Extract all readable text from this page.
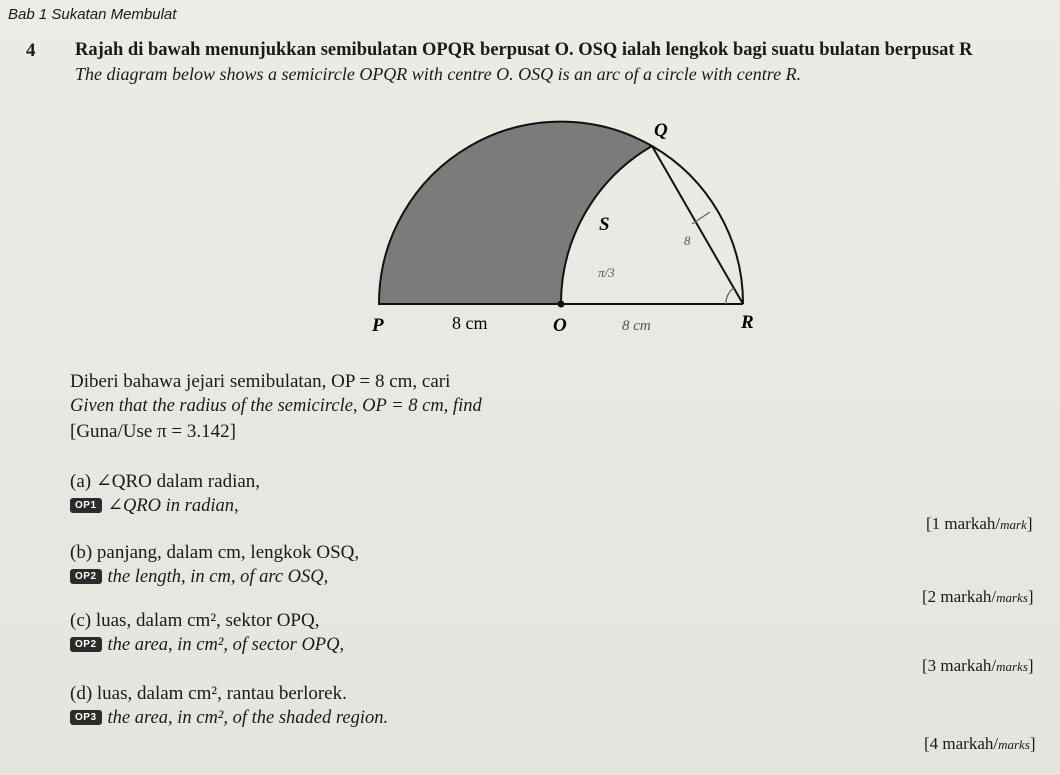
Bab 1 Sukatan Membulat
4 Rajah di bawah menunjukkan semibulatan OPQR berpusat O. OSQ ialah lengkok bagi suatu bulatan berpusat R
The diagram below shows a semicircle OPQR with centre O. OSQ is an arc of a circle with centre R.
8
π/3
8 cm
P	8 cm	O	R
Q
S
Diberi bahawa jejari semibulatan, OP = 8 cm, cari
Given that the radius of the semicircle, OP = 8 cm, find
[Guna/Use π = 3.142]
(a) ∠QRO dalam radian,
OP1 ∠QRO in radian,
[1 markah/mark]
(b) panjang, dalam cm, lengkok OSQ,
OP2 the length, in cm, of arc OSQ,
[2 markah/marks]
(c) luas, dalam cm², sektor OPQ,
OP2 the area, in cm², of sector OPQ,
[3 markah/marks]
(d) luas, dalam cm², rantau berlorek.
OP3 the area, in cm², of the shaded region.
[4 markah/marks]
